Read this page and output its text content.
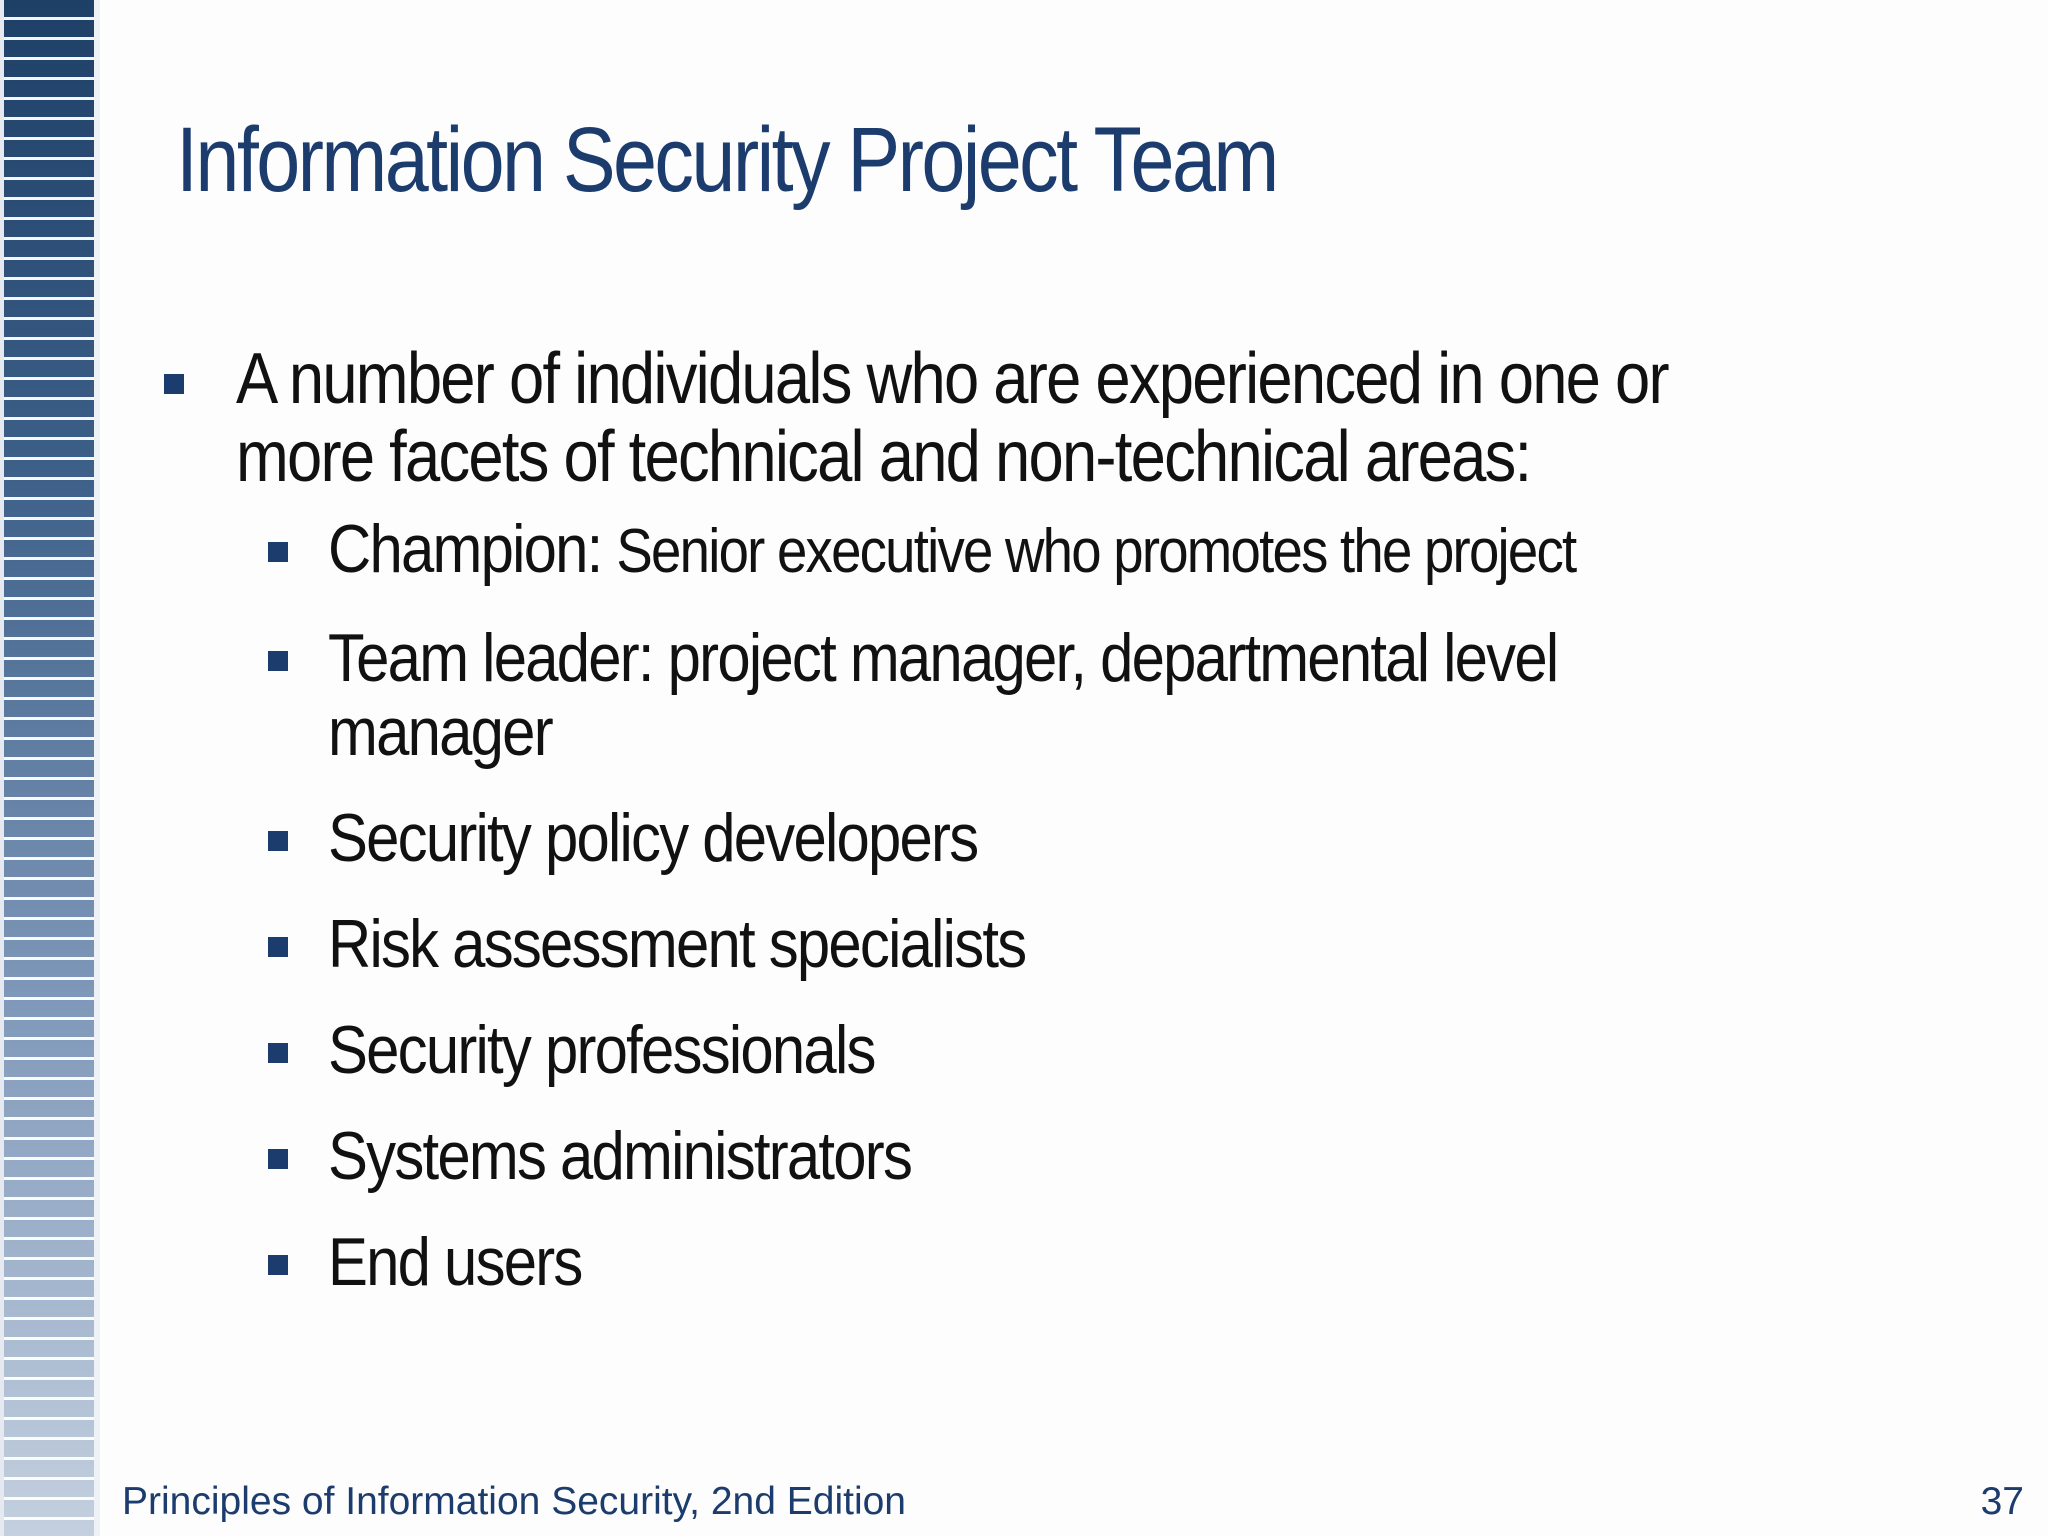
Information Security Project Team
A number of individuals who are experienced in one or
more facets of technical and non-technical areas:
Champion: Senior executive who promotes the project
Team leader: project manager, departmental level
manager
Security policy developers
Risk assessment specialists
Security professionals
Systems administrators
End users
Principles of Information Security, 2nd Edition	37
